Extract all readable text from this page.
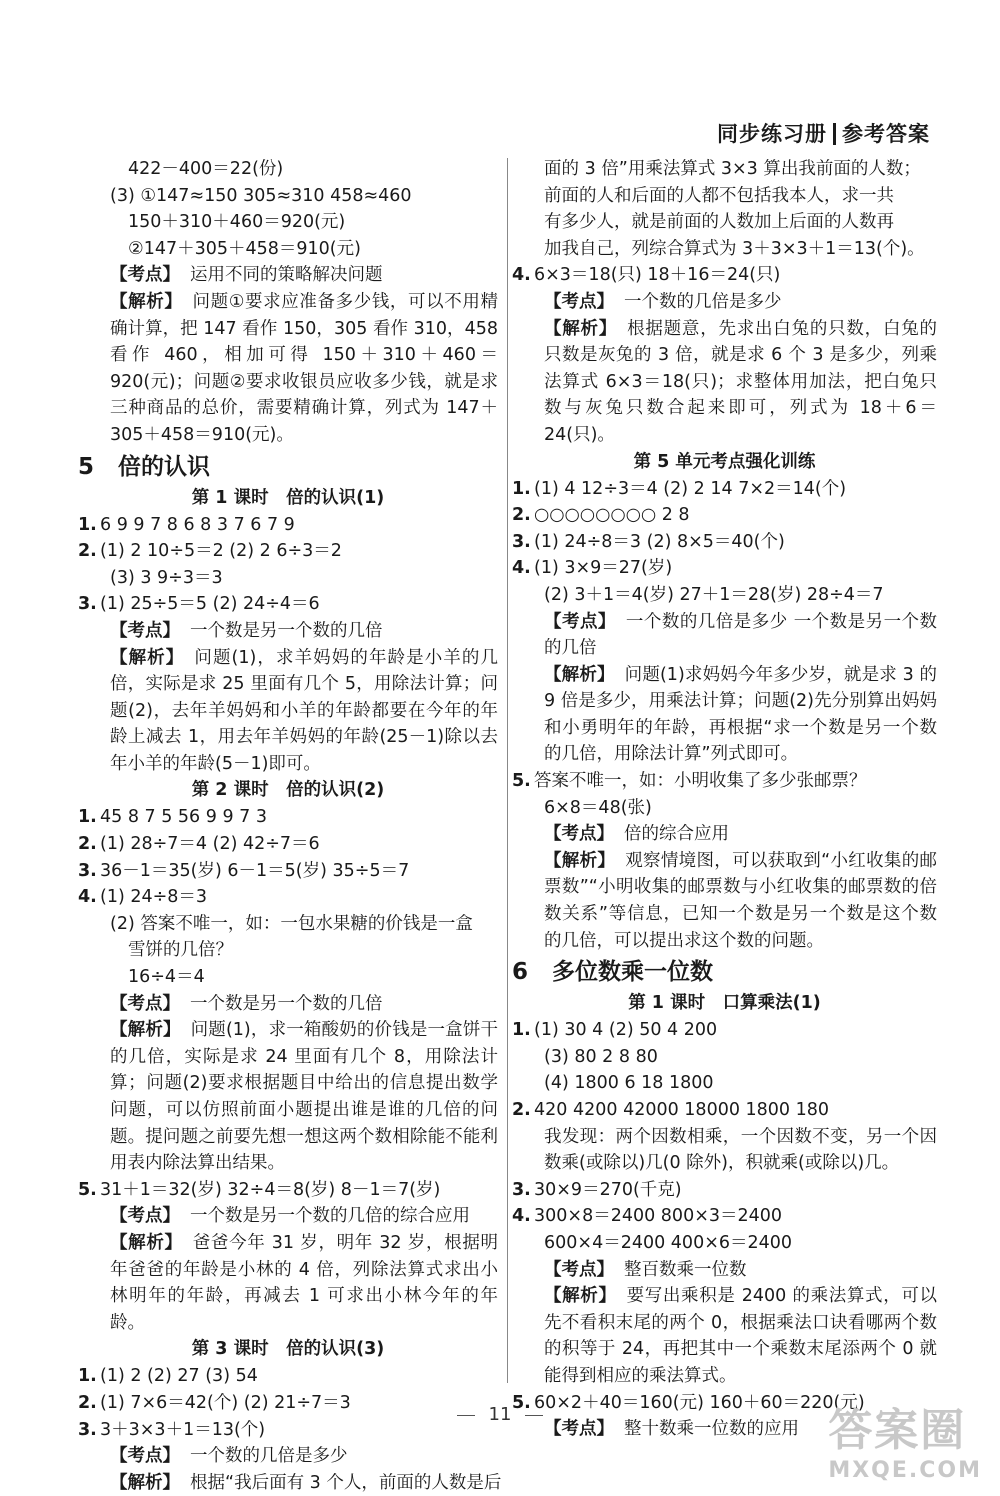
同步练习册 参考答案
422－400＝22(份)
(3) ①147≈150 305≈310 458≈460
150＋310＋460＝920(元)
②147＋305＋458＝910(元)
【考点】 运用不同的策略解决问题
【解析】 问题①要求应准备多少钱，可以不用精确计算，把 147 看作 150，305 看作 310，458 看作 460，相加可得 150＋310＋460＝920(元)；问题②要求收银员应收多少钱，就是求三种商品的总价，需要精确计算，列式为 147＋305＋458＝910(元)。
5 倍的认识
第 1 课时　倍的认识(1)
1. 6 9 9 7 8 6 8 3 7 6 7 9
2. (1) 2 10÷5＝2 (2) 2 6÷3＝2
(3) 3 9÷3＝3
3. (1) 25÷5＝5 (2) 24÷4＝6
【考点】 一个数是另一个数的几倍
【解析】 问题(1)，求羊妈妈的年龄是小羊的几倍，实际是求 25 里面有几个 5，用除法计算；问题(2)，去年羊妈妈和小羊的年龄都要在今年的年龄上减去 1，用去年羊妈妈的年龄(25－1)除以去年小羊的年龄(5－1)即可。
第 2 课时　倍的认识(2)
1. 45 8 7 5 56 9 9 7 3
2. (1) 28÷7＝4 (2) 42÷7＝6
3. 36－1＝35(岁) 6－1＝5(岁) 35÷5＝7
4. (1) 24÷8＝3
(2) 答案不唯一，如：一包水果糖的价钱是一盒
雪饼的几倍？
16÷4＝4
【考点】 一个数是另一个数的几倍
【解析】 问题(1)，求一箱酸奶的价钱是一盒饼干的几倍，实际是求 24 里面有几个 8，用除法计算；问题(2)要求根据题目中给出的信息提出数学问题，可以仿照前面小题提出谁是谁的几倍的问题。提问题之前要先想一想这两个数相除能不能利用表内除法算出结果。
5. 31＋1＝32(岁) 32÷4＝8(岁) 8－1＝7(岁)
【考点】 一个数是另一个数的几倍的综合应用
【解析】 爸爸今年 31 岁，明年 32 岁，根据明年爸爸的年龄是小林的 4 倍，列除法算式求出小林明年的年龄，再减去 1 可求出小林今年的年龄。
第 3 课时　倍的认识(3)
1. (1) 2 (2) 27 (3) 54
2. (1) 7×6＝42(个) (2) 21÷7＝3
3. 3＋3×3＋1＝13(个)
【考点】 一个数的几倍是多少
【解析】 根据“我后面有 3 个人，前面的人数是后
面的 3 倍”用乘法算式 3×3 算出我前面的人数；
前面的人和后面的人都不包括我本人，求一共
有多少人，就是前面的人数加上后面的人数再
加我自己，列综合算式为 3＋3×3＋1＝13(个)。
4. 6×3＝18(只) 18＋16＝24(只)
【考点】 一个数的几倍是多少
【解析】 根据题意，先求出白兔的只数，白兔的只数是灰兔的 3 倍，就是求 6 个 3 是多少，列乘法算式 6×3＝18(只)；求整体用加法，把白兔只数与灰兔只数合起来即可，列式为 18＋6＝24(只)。
第 5 单元考点强化训练
1. (1) 4 12÷3＝4 (2) 2 14 7×2＝14(个)
2. ○○○○○○○○ 2 8
3. (1) 24÷8＝3 (2) 8×5＝40(个)
4. (1) 3×9＝27(岁)
(2) 3＋1＝4(岁) 27＋1＝28(岁) 28÷4＝7
【考点】 一个数的几倍是多少 一个数是另一个数的几倍
【解析】 问题(1)求妈妈今年多少岁，就是求 3 的 9 倍是多少，用乘法计算；问题(2)先分别算出妈妈和小勇明年的年龄，再根据“求一个数是另一个数的几倍，用除法计算”列式即可。
5. 答案不唯一，如：小明收集了多少张邮票？
6×8＝48(张)
【考点】 倍的综合应用
【解析】 观察情境图，可以获取到“小红收集的邮票数”“小明收集的邮票数与小红收集的邮票数的倍数关系”等信息，已知一个数是另一个数是这个数的几倍，可以提出求这个数的问题。
6 多位数乘一位数
第 1 课时　口算乘法(1)
1. (1) 30 4 (2) 50 4 200
(3) 80 2 8 80
(4) 1800 6 18 1800
2. 420 4200 42000 18000 1800 180
我发现：两个因数相乘，一个因数不变，另一个因数乘(或除以)几(0 除外)，积就乘(或除以)几。
3. 30×9＝270(千克)
4. 300×8＝2400 800×3＝2400
600×4＝2400 400×6＝2400
【考点】 整百数乘一位数
【解析】 要写出乘积是 2400 的乘法算式，可以先不看积末尾的两个 0，根据乘法口诀看哪两个数的积等于 24，再把其中一个乘数末尾添两个 0 就能得到相应的乘法算式。
5. 60×2＋40＝160(元) 160＋60＝220(元)
【考点】 整十数乘一位数的应用
11	答案圈
MXQE.COM
